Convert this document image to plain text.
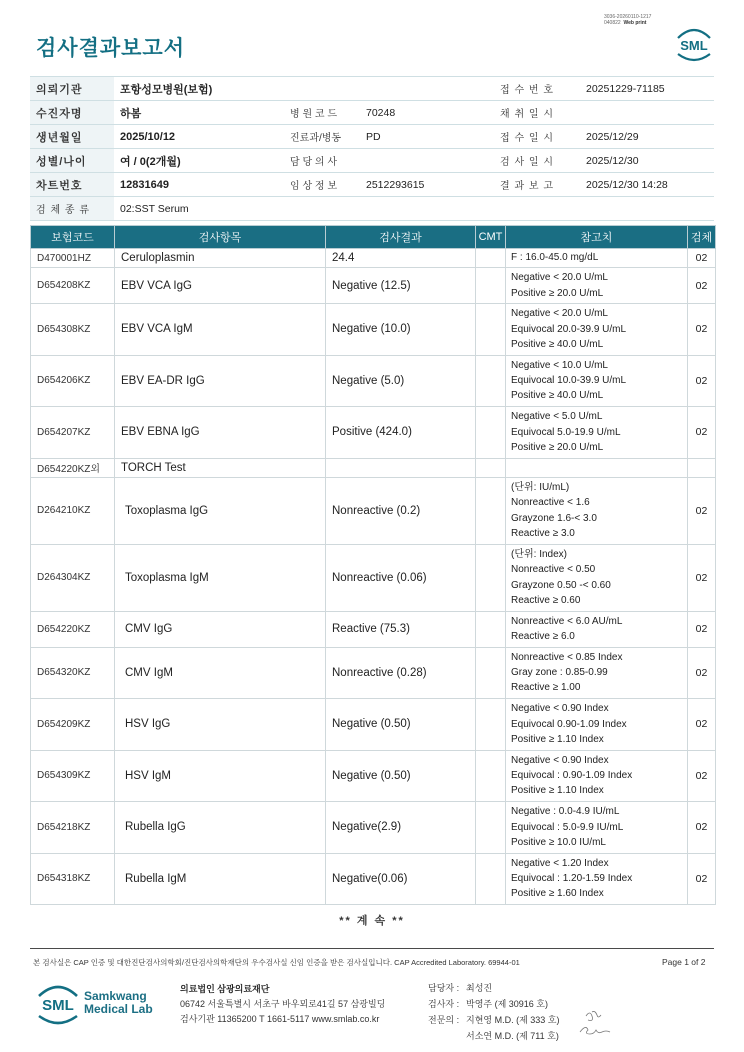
3036-20260110-1217
040822 Web print
검사결과보고서	SML
의뢰기관	포항성모병원(보험)			접 수 번 호	20251229-71185
수진자명	하봄	병 원 코 드	70248	채 취 일 시	
생년월일	2025/10/12	진료과/병동	PD	접 수 일 시	2025/12/29
성별/나이	여 / 0(2개월)	담 당 의 사		검 사 일 시	2025/12/30
차트번호	12831649	임 상 정 보	2512293615	결 과 보 고	2025/12/30 14:28
검 체 종 류	02:SST Serum				
보험코드	검사항목	검사결과	CMT	참고치	검체
D470001HZ	Ceruloplasmin	24.4		F : 16.0-45.0 mg/dL	02
D654208KZ	EBV VCA IgG	Negative (12.5)		Negative < 20.0 U/mL
Positive ≥ 20.0 U/mL	02
D654308KZ	EBV VCA IgM	Negative (10.0)		Negative < 20.0 U/mL
Equivocal 20.0-39.9 U/mL
Positive ≥ 40.0 U/mL	02
D654206KZ	EBV EA-DR IgG	Negative (5.0)		Negative < 10.0 U/mL
Equivocal 10.0-39.9 U/mL
Positive ≥ 40.0 U/mL	02
D654207KZ	EBV EBNA IgG	Positive (424.0)		Negative < 5.0 U/mL
Equivocal 5.0-19.9 U/mL
Positive ≥ 20.0 U/mL	02
D654220KZ외	TORCH Test				
D264210KZ	Toxoplasma IgG	Nonreactive (0.2)		(단위: IU/mL)
Nonreactive < 1.6
Grayzone 1.6-< 3.0
Reactive ≥ 3.0	02
D264304KZ	Toxoplasma IgM	Nonreactive (0.06)		(단위: Index)
Nonreactive < 0.50
Grayzone 0.50 -< 0.60
Reactive ≥ 0.60	02
D654220KZ	CMV IgG	Reactive (75.3)		Nonreactive < 6.0 AU/mL
Reactive ≥ 6.0	02
D654320KZ	CMV IgM	Nonreactive (0.28)		Nonreactive < 0.85 Index
Gray zone : 0.85-0.99
Reactive ≥ 1.00	02
D654209KZ	HSV IgG	Negative (0.50)		Negative < 0.90 Index
Equivocal 0.90-1.09 Index
Positive ≥ 1.10 Index	02
D654309KZ	HSV IgM	Negative (0.50)		Negative < 0.90 Index
Equivocal : 0.90-1.09 Index
Positive ≥ 1.10 Index	02
D654218KZ	Rubella IgG	Negative(2.9)		Negative : 0.0-4.9 IU/mL
Equivocal : 5.0-9.9 IU/mL
Positive ≥ 10.0 IU/mL	02
D654318KZ	Rubella IgM	Negative(0.06)		Negative < 1.20 Index
Equivocal : 1.20-1.59 Index
Positive ≥ 1.60 Index	02
** 계 속 **
본 검사실은 CAP 인증 및 대한진단검사의학회/진단검사의학재단의 우수검사실 신임 인증을 받은 검사실입니다. CAP Accredited Laboratory. 69944-01	Page 1 of 2
SML
Samkwang
Medical Lab
의료법인 삼광의료재단
06742 서울특별시 서초구 바우뫼로41길 57 삼광빌딩
검사기관 11365200 T 1661-5117 www.smlab.co.kr
담당자 : 최성진
검사자 : 박영주 (제 30916 호)
전문의 : 지현영 M.D. (제 333 호)
서소연 M.D. (제 711 호)
